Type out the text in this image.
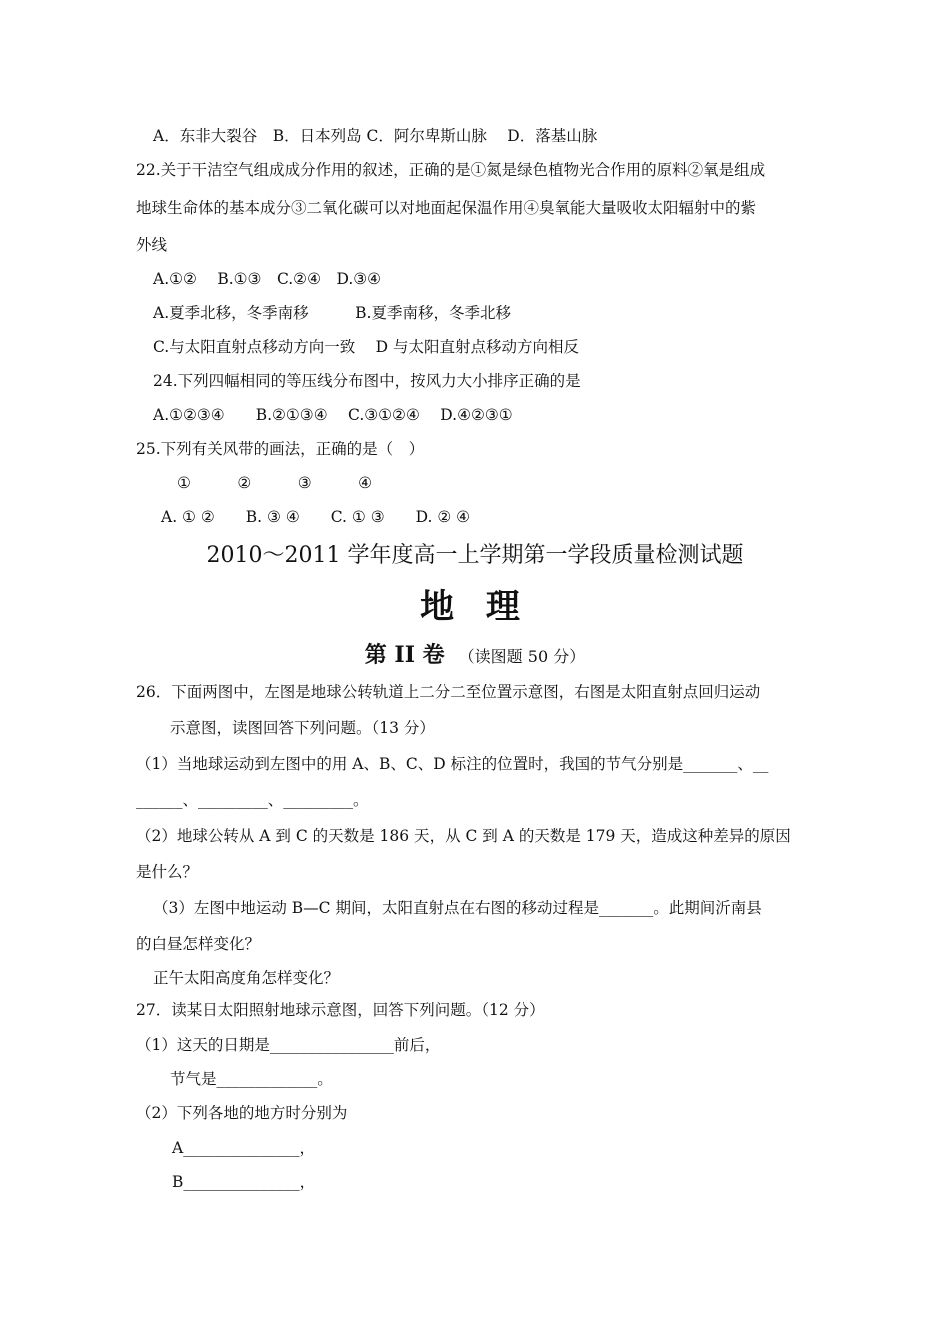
A．东非大裂谷　B．日本列岛 C．阿尔卑斯山脉　 D．落基山脉
22.关于干洁空气组成成分作用的叙述，正确的是①氮是绿色植物光合作用的原料②氧是组成
地球生命体的基本成分③二氧化碳可以对地面起保温作用④臭氧能大量吸收太阳辐射中的紫
外线
A.①②　 B.①③　C.②④　D.③④
A.夏季北移，冬季南移　　　B.夏季南移，冬季北移
C.与太阳直射点移动方向一致　 D 与太阳直射点移动方向相反
24.下列四幅相同的等压线分布图中，按风力大小排序正确的是
A.①②③④　　B.②①③④　 C.③①②④　 D.④②③①
25.下列有关风带的画法，正确的是（　）
①　　　②　　　③　　　④
A. ① ②　　B. ③ ④　　C. ① ③　　D. ② ④
2010～2011 学年度高一上学期第一学段质量检测试题
地 理
第 II 卷 （读图题 50 分）
26．下面两图中，左图是地球公转轨道上二分二至位置示意图，右图是太阳直射点回归运动
示意图，读图回答下列问题。（13 分）
（1）当地球运动到左图中的用 A、B、C、D 标注的位置时，我国的节气分别是_______、__
______、_________、_________。
（2）地球公转从 A 到 C 的天数是 186 天，从 C 到 A 的天数是 179 天，造成这种差异的原因
是什么？
（3）左图中地运动 B—C 期间，太阳直射点在右图的移动过程是_______。此期间沂南县
的白昼怎样变化？
正午太阳高度角怎样变化？
27．读某日太阳照射地球示意图，回答下列问题。（12 分）
（1）这天的日期是________________前后，
节气是_____________。
（2）下列各地的地方时分别为
A_______________，
B_______________，
